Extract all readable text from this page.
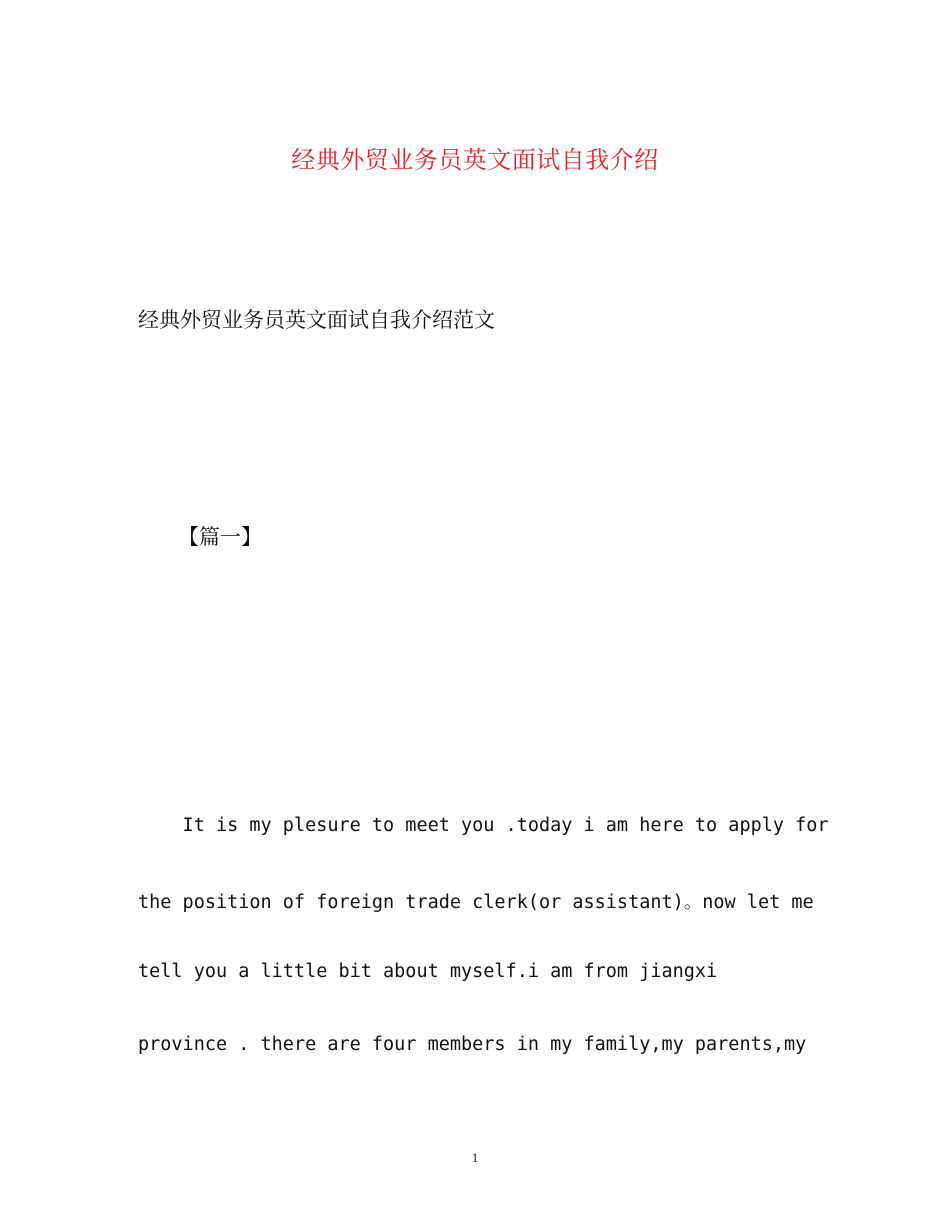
经典外贸业务员英文面试自我介绍
经典外贸业务员英文面试自我介绍范文
【篇一】
It is my plesure to meet you .today i am here to apply for
the position of foreign trade clerk(or assistant)。now let me
tell you a little bit about myself.i am from jiangxi
province . there are four members in my family,my parents,my
1
